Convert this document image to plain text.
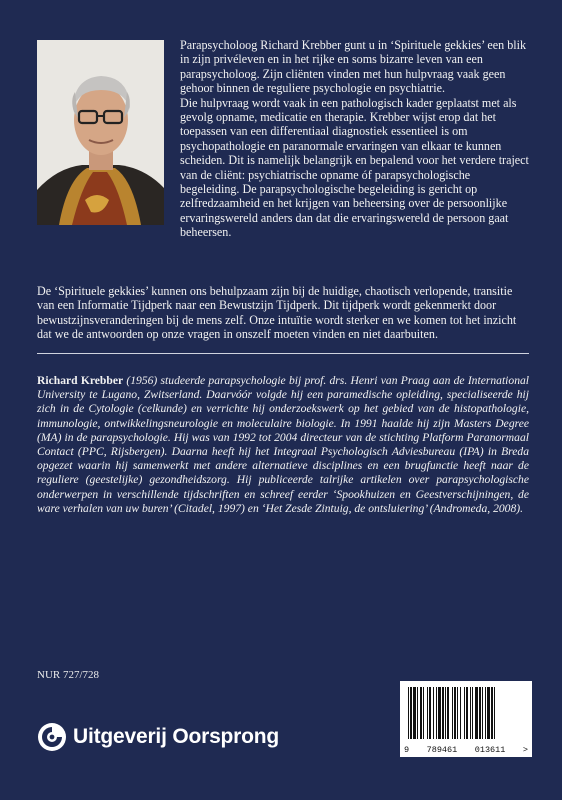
Parapsycholoog Richard Krebber gunt u in ‘Spirituele gekkies’ een blik in zijn privéleven en in het rijke en soms bizarre leven van een parapsycholoog. Zijn cliënten vinden met hun hulpvraag vaak geen gehoor binnen de reguliere psychologie en psychiatrie.

Die hulpvraag wordt vaak in een pathologisch kader geplaatst met als gevolg opname, medicatie en therapie. Krebber wijst erop dat het toepassen van een differentiaal diagnostiek essentieel is om psychopathologie en paranormale ervaringen van elkaar te kunnen scheiden. Dit is namelijk belangrijk en bepalend voor het verdere traject van de cliënt: psychiatrische opname óf parapsychologische begeleiding. De parapsychologische begeleiding is gericht op zelfredzaamheid en het krijgen van beheersing over de persoonlijke ervaringswereld anders dan dat die ervaringswereld de persoon gaat beheersen.

De ‘Spirituele gekkies’ kunnen ons behulpzaam zijn bij de huidige, chaotisch verlopende, transitie van een Informatie Tijdperk naar een Bewustzijn Tijdperk. Dit tijdperk wordt gekenmerkt door bewustzijnsveranderingen bij de mens zelf. Onze intuïtie wordt sterker en we komen tot het inzicht dat we de antwoorden op onze vragen in onszelf moeten vinden en niet daarbuiten.

Richard Krebber (1956) studeerde parapsychologie bij prof. drs. Henri van Praag aan de International University te Lugano, Zwitserland. Daarvóór volgde hij een paramedische opleiding, specialiseerde hij zich in de Cytologie (celkunde) en verrichte hij onderzoekswerk op het gebied van de histopathologie, immunologie, ontwikkelingsneurologie en moleculaire biologie. In 1991 haalde hij zijn Masters Degree (MA) in de parapsychologie. Hij was van 1992 tot 2004 directeur van de stichting Platform Paranormaal Contact (PPC, Rijsbergen). Daarna heeft hij het Integraal Psychologisch Adviesbureau (IPA) in Breda opgezet waarin hij samenwerkt met andere alternatieve disciplines en een brugfunctie heeft naar de reguliere (geestelijke) gezondheidszorg. Hij publiceerde talrijke artikelen over parapsychologische onderwerpen in verschillende tijdschriften en schreef eerder ‘Spookhuizen en Geestverschijningen, de ware verhalen van uw buren’ (Citadel, 1997) en ‘Het Zesde Zintuig, de ontsluiering’ (Andromeda, 2008).

NUR 727/728
Uitgeverij Oorsprong
9 789461 013611 >
